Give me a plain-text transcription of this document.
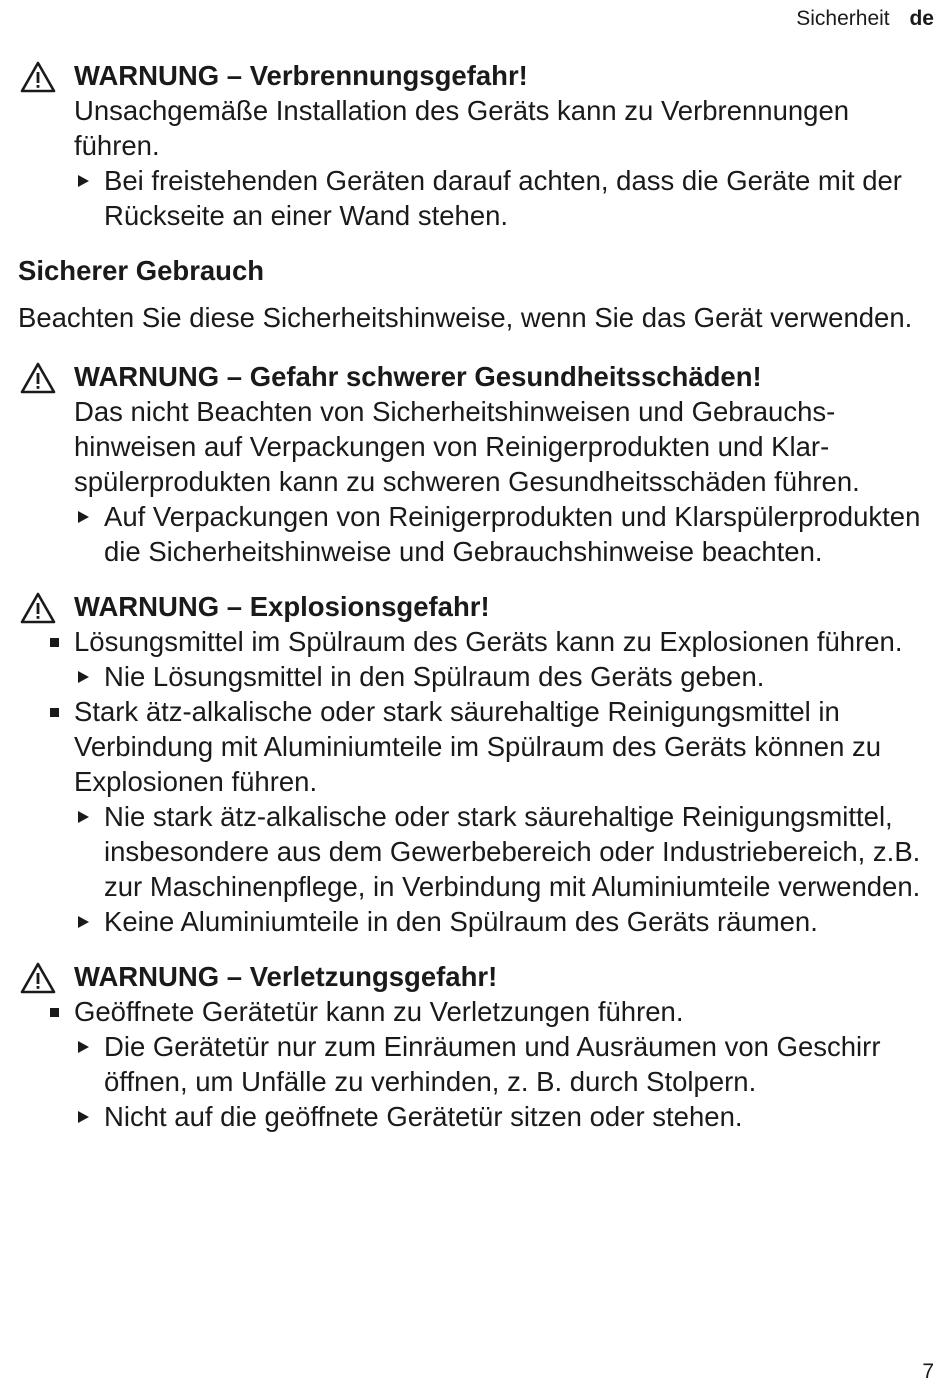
Sicherheit de
WARNUNG – Verbrennungsgefahr!
Unsachgemäße Installation des Geräts kann zu Verbrennungen führen.
Bei freistehenden Geräten darauf achten, dass die Geräte mit der Rückseite an einer Wand stehen.
Sicherer Gebrauch
Beachten Sie diese Sicherheitshinweise, wenn Sie das Gerät verwenden.
WARNUNG – Gefahr schwerer Gesundheitsschäden!
Das nicht Beachten von Sicherheitshinweisen und Gebrauchshinweisen auf Verpackungen von Reinigerprodukten und Klarspülerprodukten kann zu schweren Gesundheitsschäden führen.
Auf Verpackungen von Reinigerprodukten und Klarspülerprodukten die Sicherheitshinweise und Gebrauchshinweise beachten.
WARNUNG – Explosionsgefahr!
Lösungsmittel im Spülraum des Geräts kann zu Explosionen führen.
Nie Lösungsmittel in den Spülraum des Geräts geben.
Stark ätz-alkalische oder stark säurehaltige Reinigungsmittel in Verbindung mit Aluminiumteile im Spülraum des Geräts können zu Explosionen führen.
Nie stark ätz-alkalische oder stark säurehaltige Reinigungsmittel, insbesondere aus dem Gewerbebereich oder Industriebereich, z.B. zur Maschinenpflege, in Verbindung mit Aluminiumteile verwenden.
Keine Aluminiumteile in den Spülraum des Geräts räumen.
WARNUNG – Verletzungsgefahr!
Geöffnete Gerätetür kann zu Verletzungen führen.
Die Gerätetür nur zum Einräumen und Ausräumen von Geschirr öffnen, um Unfälle zu verhinden, z. B. durch Stolpern.
Nicht auf die geöffnete Gerätetür sitzen oder stehen.
7
